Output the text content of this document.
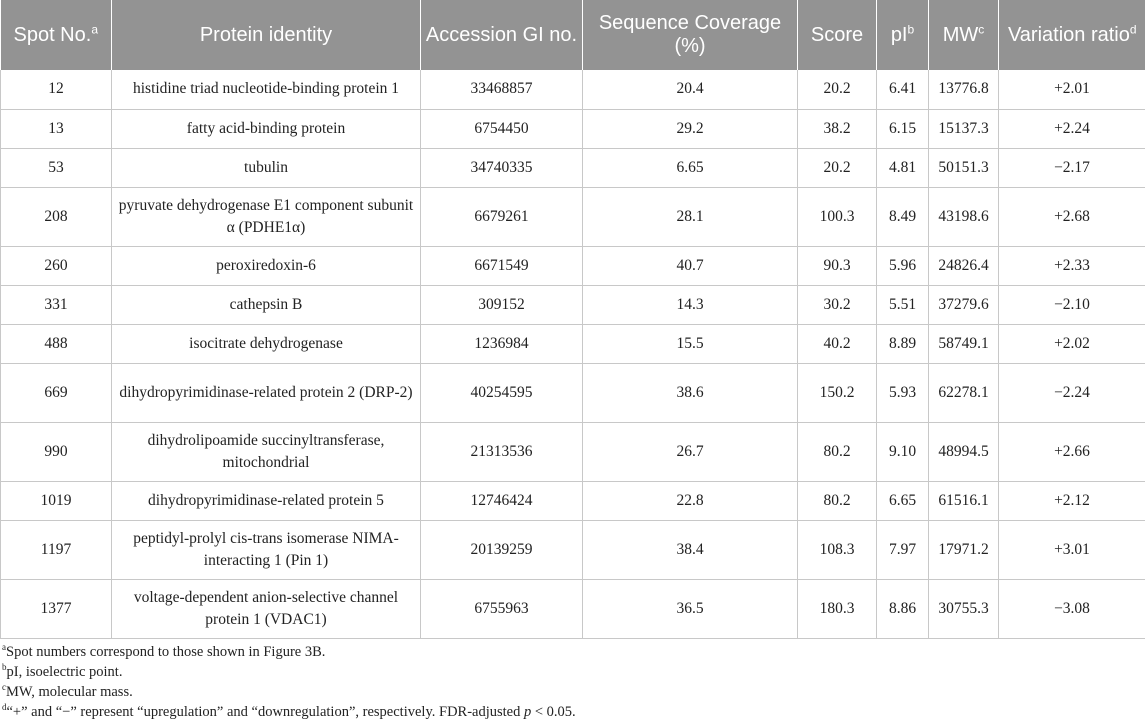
Spot No.$^a$	Protein identity	Accession GI no.	Sequence Coverage (%)	Score	$pI^b$	$MW^c$	Variation ratio$^d$
12	histidine triad nucleotide-binding protein 1	33468857	20.4	20.2	6.41	13776.8	+2.01
13	fatty acid-binding protein	6754450	29.2	38.2	6.15	15137.3	+2.24
53	tubulin	34740335	6.65	20.2	4.81	50151.3	−2.17
208	pyruvate dehydrogenase E1 component subunit α (PDHE1α)	6679261	28.1	100.3	8.49	43198.6	+2.68
260	peroxiredoxin-6	6671549	40.7	90.3	5.96	24826.4	+2.33
331	cathepsin B	309152	14.3	30.2	5.51	37279.6	−2.10
488	isocitrate dehydrogenase	1236984	15.5	40.2	8.89	58749.1	+2.02
669	dihydropyrimidinase-related protein 2 (DRP-2)	40254595	38.6	150.2	5.93	62278.1	−2.24
990	dihydrolipoamide succinyltransferase, mitochondrial	21313536	26.7	80.2	9.10	48994.5	+2.66
1019	dihydropyrimidinase-related protein 5	12746424	22.8	80.2	6.65	61516.1	+2.12
1197	peptidyl-prolyl cis-trans isomerase NIMA-interacting 1 (Pin 1)	20139259	38.4	108.3	7.97	17971.2	+3.01
1377	voltage-dependent anion-selective channel protein 1 (VDAC1)	6755963	36.5	180.3	8.86	30755.3	−3.08

$^a$Spot numbers correspond to those shown in Figure 3B.

$^b$pI, isoelectric point.

$^c$MW, molecular mass.

$^d$“+” and “−” represent “upregulation” and “downregulation”, respectively. FDR-adjusted p < 0.05.
